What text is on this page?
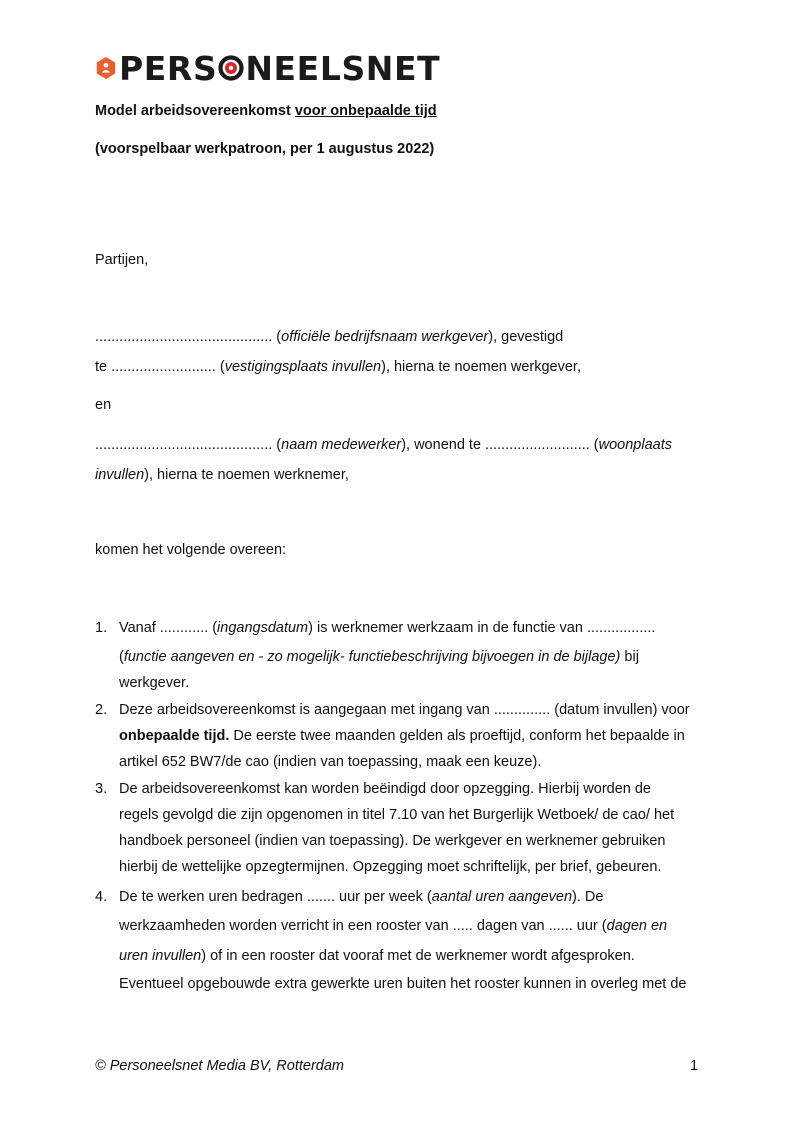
PERS NEELSNET
Model arbeidsovereenkomst voor onbepaalde tijd
(voorspelbaar werkpatroon, per 1 augustus 2022)
Partijen,
............................................ (officiële bedrijfsnaam werkgever), gevestigd
te .......................... (vestigingsplaats invullen), hierna te noemen werkgever,
en
............................................ (naam medewerker), wonend te .......................... (woonplaats
invullen), hierna te noemen werknemer,
komen het volgende overeen:
1. Vanaf ............ (ingangsdatum) is werknemer werkzaam in de functie van .................
(functie aangeven en - zo mogelijk- functiebeschrijving bijvoegen in de bijlage) bij
werkgever.
2. Deze arbeidsovereenkomst is aangegaan met ingang van .............. (datum invullen) voor
onbepaalde tijd. De eerste twee maanden gelden als proeftijd, conform het bepaalde in
artikel 652 BW7/de cao (indien van toepassing, maak een keuze).
3. De arbeidsovereenkomst kan worden beëindigd door opzegging. Hierbij worden de
regels gevolgd die zijn opgenomen in titel 7.10 van het Burgerlijk Wetboek/ de cao/ het
handboek personeel (indien van toepassing). De werkgever en werknemer gebruiken
hierbij de wettelijke opzegtermijnen. Opzegging moet schriftelijk, per brief, gebeuren.
4. De te werken uren bedragen ....... uur per week (aantal uren aangeven). De
werkzaamheden worden verricht in een rooster van ..... dagen van ...... uur (dagen en
uren invullen) of in een rooster dat vooraf met de werknemer wordt afgesproken.
Eventueel opgebouwde extra gewerkte uren buiten het rooster kunnen in overleg met de
© Personeelsnet Media BV, Rotterdam	1
